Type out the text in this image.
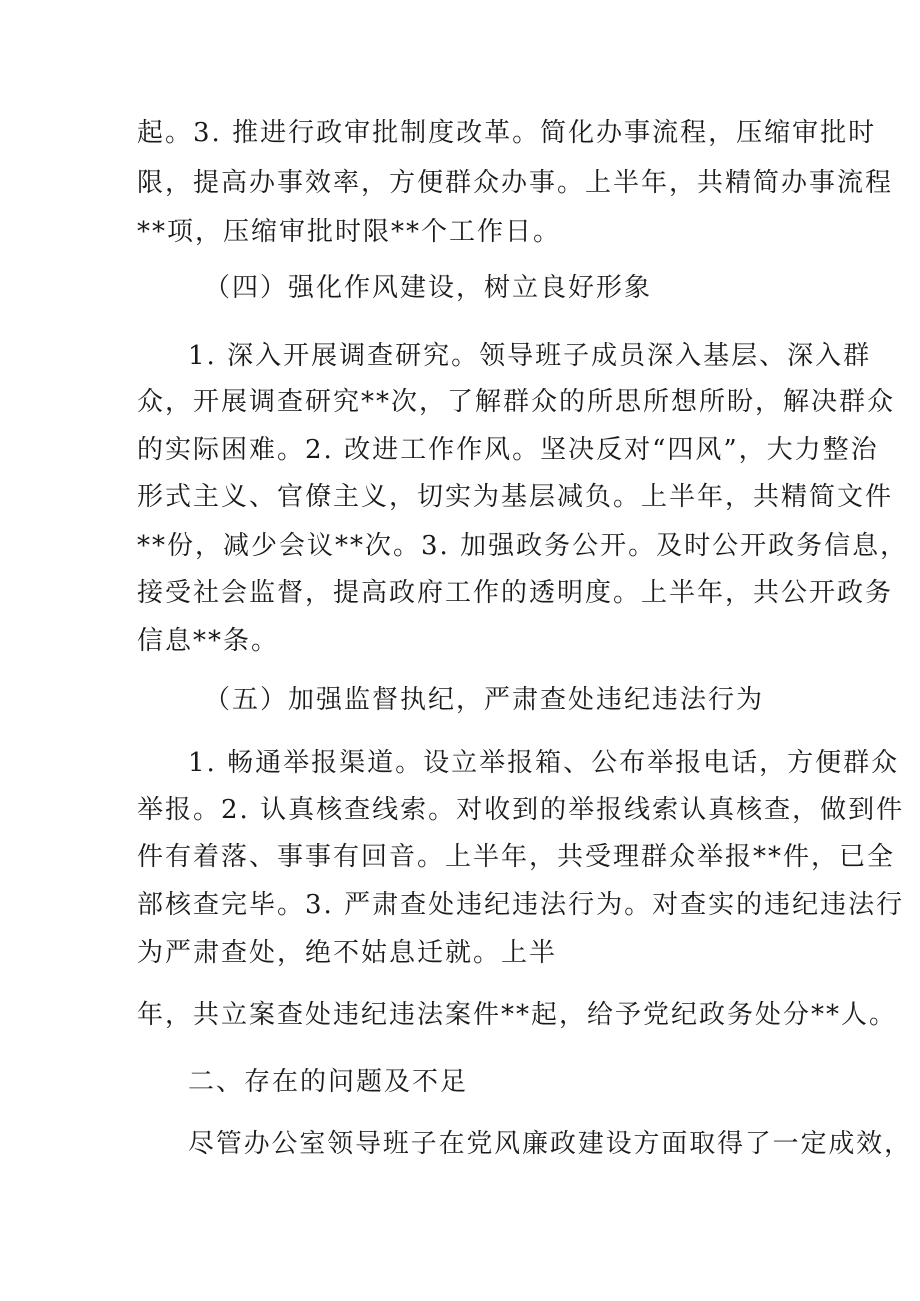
起。3. 推进行政审批制度改革。简化办事流程，压缩审批时
限，提高办事效率，方便群众办事。上半年，共精简办事流程
**项，压缩审批时限**个工作日。
（四）强化作风建设，树立良好形象
1. 深入开展调查研究。领导班子成员深入基层、深入群
众，开展调查研究**次，了解群众的所思所想所盼，解决群众
的实际困难。2. 改进工作作风。坚决反对“四风”，大力整治
形式主义、官僚主义，切实为基层减负。上半年，共精简文件
**份，减少会议**次。3. 加强政务公开。及时公开政务信息，
接受社会监督，提高政府工作的透明度。上半年，共公开政务
信息**条。
（五）加强监督执纪，严肃查处违纪违法行为
1. 畅通举报渠道。设立举报箱、公布举报电话，方便群众
举报。2. 认真核查线索。对收到的举报线索认真核查，做到件
件有着落、事事有回音。上半年，共受理群众举报**件，已全
部核查完毕。3. 严肃查处违纪违法行为。对查实的违纪违法行
为严肃查处，绝不姑息迁就。上半
年，共立案查处违纪违法案件**起，给予党纪政务处分**人。
二、存在的问题及不足
尽管办公室领导班子在党风廉政建设方面取得了一定成效，
